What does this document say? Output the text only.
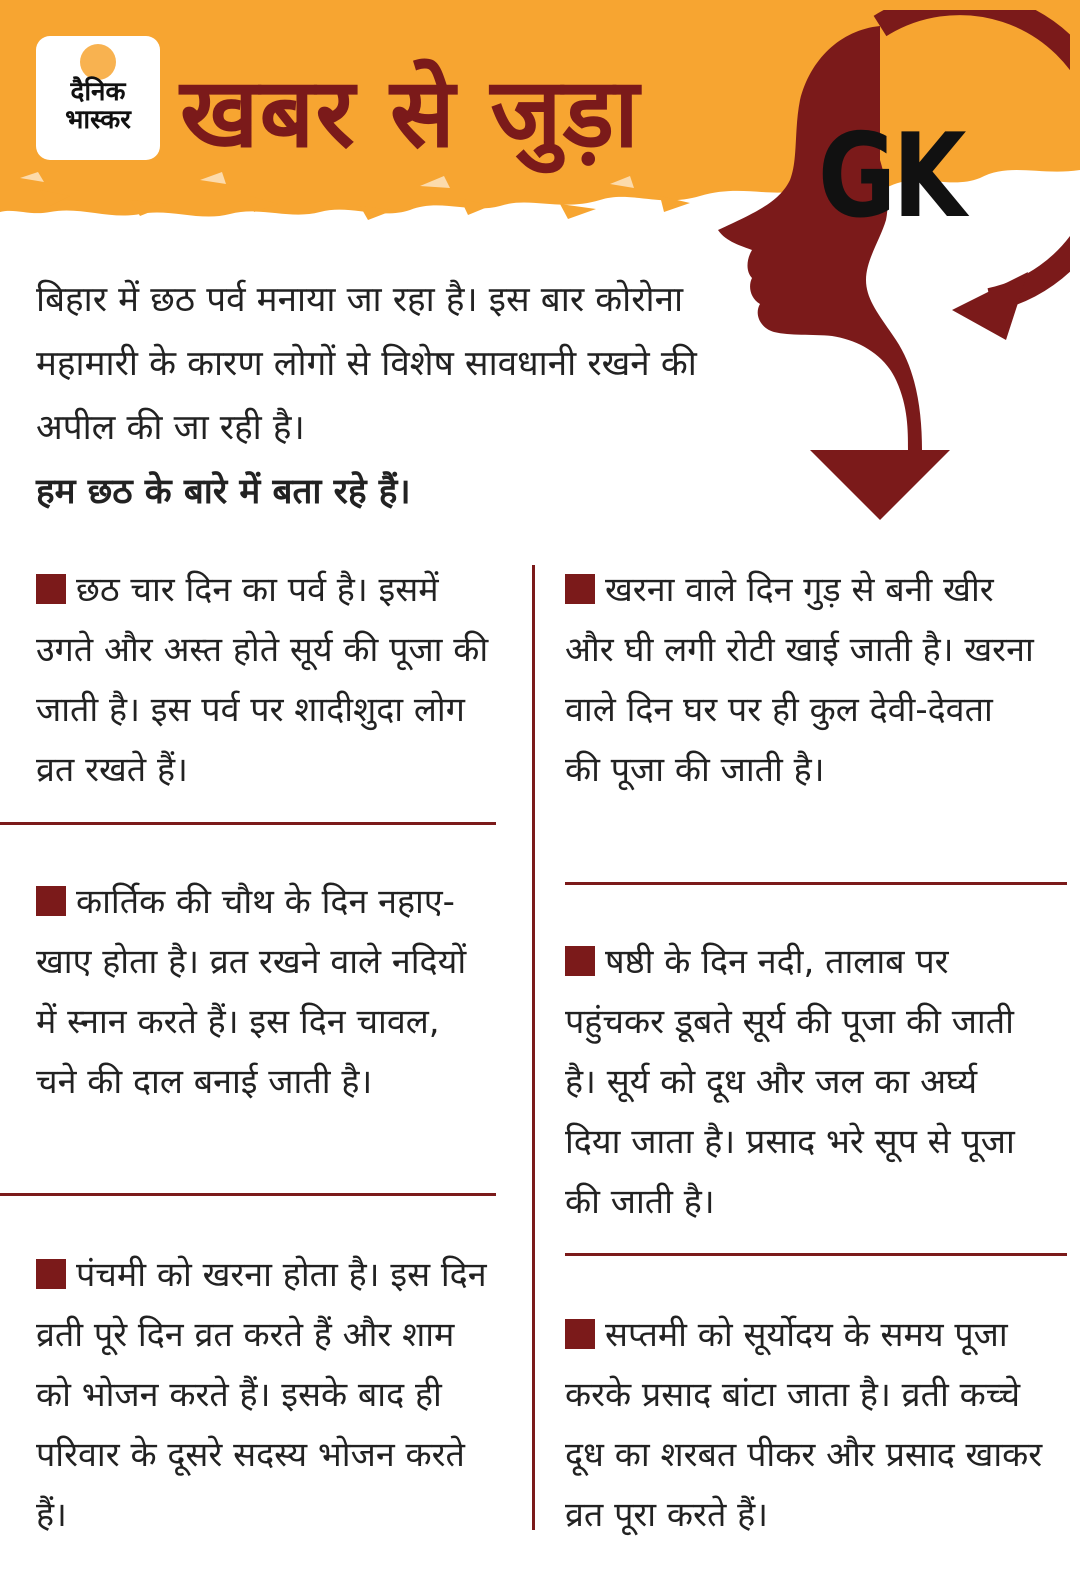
दैनिक
भास्कर खबर से जुड़ा GK
बिहार में छठ पर्व मनाया जा रहा है। इस बार कोरोना महामारी के कारण लोगों से विशेष सावधानी रखने की अपील की जा रही है।
हम छठ के बारे में बता रहे हैं।
छठ चार दिन का पर्व है। इसमें उगते और अस्त होते सूर्य की पूजा की जाती है। इस पर्व पर शादीशुदा लोग व्रत रखते हैं।
कार्तिक की चौथ के दिन नहाए-खाए होता है। व्रत रखने वाले नदियों में स्नान करते हैं। इस दिन चावल, चने की दाल बनाई जाती है।
पंचमी को खरना होता है। इस दिन व्रती पूरे दिन व्रत करते हैं और शाम को भोजन करते हैं। इसके बाद ही परिवार के दूसरे सदस्य भोजन करते हैं।
खरना वाले दिन गुड़ से बनी खीर और घी लगी रोटी खाई जाती है। खरना वाले दिन घर पर ही कुल देवी-देवता की पूजा की जाती है।
षष्ठी के दिन नदी, तालाब पर पहुंचकर डूबते सूर्य की पूजा की जाती है। सूर्य को दूध और जल का अर्घ्य दिया जाता है। प्रसाद भरे सूप से पूजा की जाती है।
सप्तमी को सूर्योदय के समय पूजा करके प्रसाद बांटा जाता है। व्रती कच्चे दूध का शरबत पीकर और प्रसाद खाकर व्रत पूरा करते हैं।
